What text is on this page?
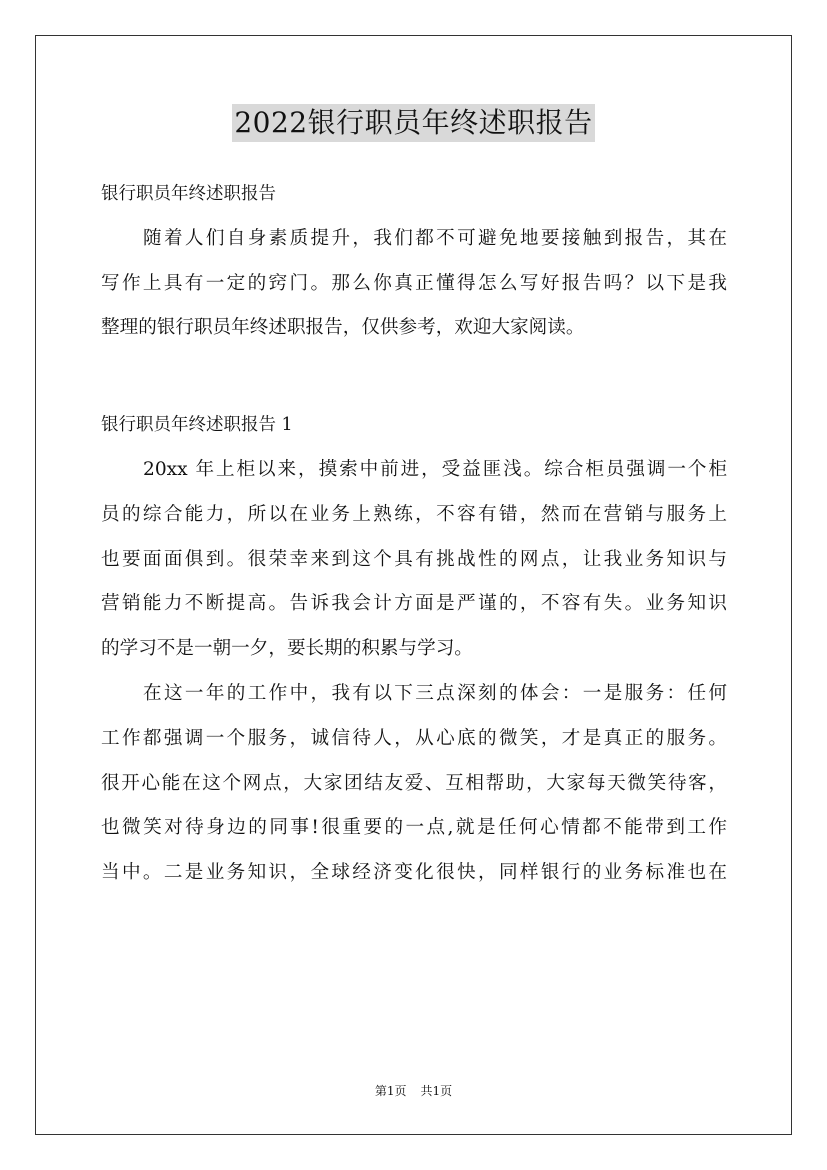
2022银行职员年终述职报告
银行职员年终述职报告
随着人们自身素质提升，我们都不可避免地要接触到报告，其在
写作上具有一定的窍门。那么你真正懂得怎么写好报告吗？以下是我
整理的银行职员年终述职报告，仅供参考，欢迎大家阅读。
银行职员年终述职报告 1
20xx 年上柜以来，摸索中前进，受益匪浅。综合柜员强调一个柜
员的综合能力，所以在业务上熟练，不容有错，然而在营销与服务上
也要面面俱到。很荣幸来到这个具有挑战性的网点，让我业务知识与
营销能力不断提高。告诉我会计方面是严谨的，不容有失。业务知识
的学习不是一朝一夕，要长期的积累与学习。
在这一年的工作中，我有以下三点深刻的体会：一是服务：任何
工作都强调一个服务，诚信待人，从心底的微笑，才是真正的服务。
很开心能在这个网点，大家团结友爱、互相帮助，大家每天微笑待客，
也微笑对待身边的同事!很重要的一点,就是任何心情都不能带到工作
当中。二是业务知识，全球经济变化很快，同样银行的业务标准也在
第1页 共1页
